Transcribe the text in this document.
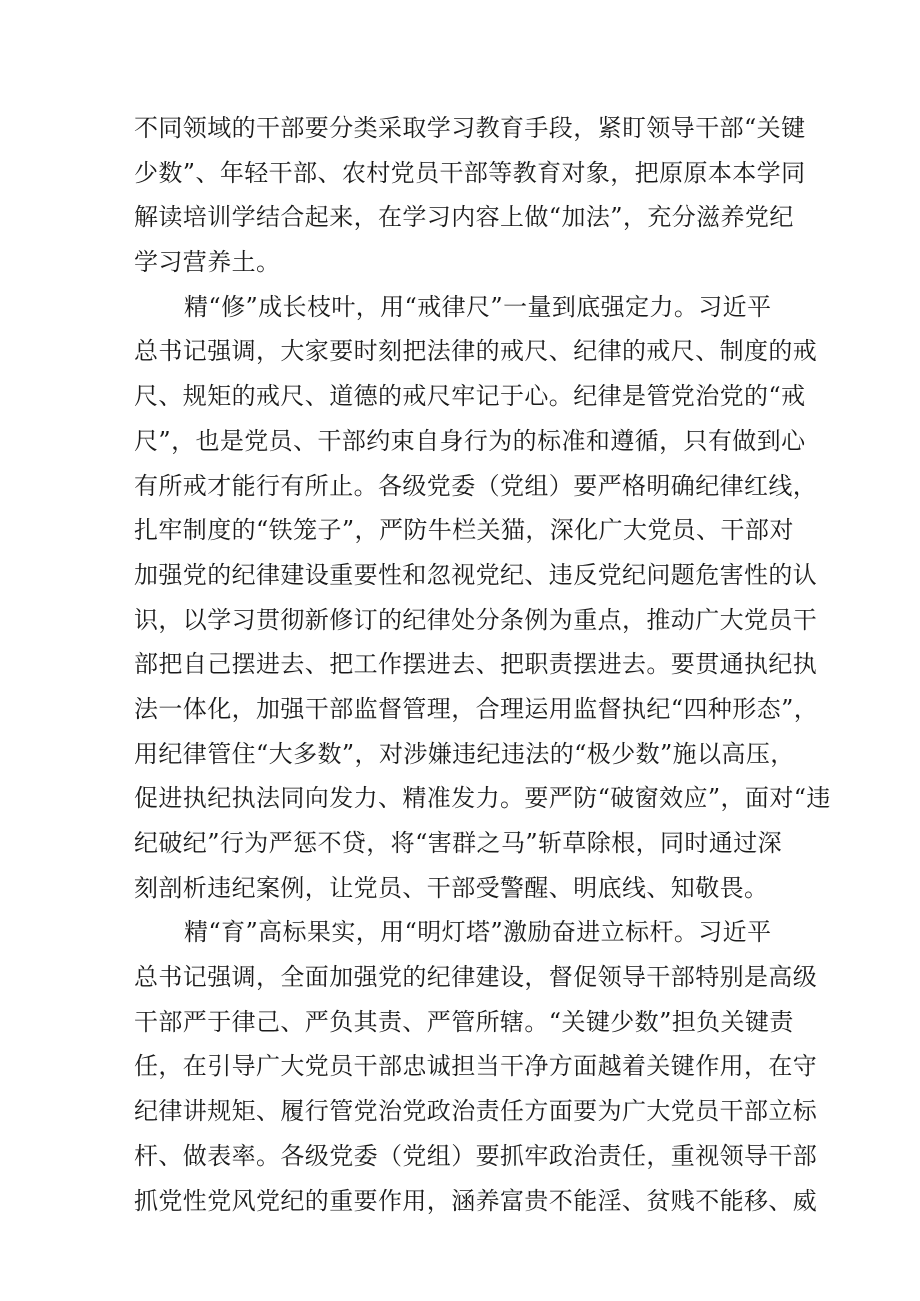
不同领域的干部要分类采取学习教育手段，紧盯领导干部“关键
少数”、年轻干部、农村党员干部等教育对象，把原原本本学同
解读培训学结合起来，在学习内容上做“加法”，充分滋养党纪
学习营养土。
精“修”成长枝叶，用“戒律尺”一量到底强定力。习近平
总书记强调，大家要时刻把法律的戒尺、纪律的戒尺、制度的戒
尺、规矩的戒尺、道德的戒尺牢记于心。纪律是管党治党的“戒
尺”，也是党员、干部约束自身行为的标准和遵循，只有做到心
有所戒才能行有所止。各级党委（党组）要严格明确纪律红线，
扎牢制度的“铁笼子”，严防牛栏关猫，深化广大党员、干部对
加强党的纪律建设重要性和忽视党纪、违反党纪问题危害性的认
识，以学习贯彻新修订的纪律处分条例为重点，推动广大党员干
部把自己摆进去、把工作摆进去、把职责摆进去。要贯通执纪执
法一体化，加强干部监督管理，合理运用监督执纪“四种形态”，
用纪律管住“大多数”，对涉嫌违纪违法的“极少数”施以高压，
促进执纪执法同向发力、精准发力。要严防“破窗效应”，面对“违
纪破纪”行为严惩不贷，将“害群之马”斩草除根，同时通过深
刻剖析违纪案例，让党员、干部受警醒、明底线、知敬畏。
精“育”高标果实，用“明灯塔”激励奋进立标杆。习近平
总书记强调，全面加强党的纪律建设，督促领导干部特别是高级
干部严于律己、严负其责、严管所辖。“关键少数”担负关键责
任，在引导广大党员干部忠诚担当干净方面越着关键作用，在守
纪律讲规矩、履行管党治党政治责任方面要为广大党员干部立标
杆、做表率。各级党委（党组）要抓牢政治责任，重视领导干部
抓党性党风党纪的重要作用，涵养富贵不能淫、贫贱不能移、威
